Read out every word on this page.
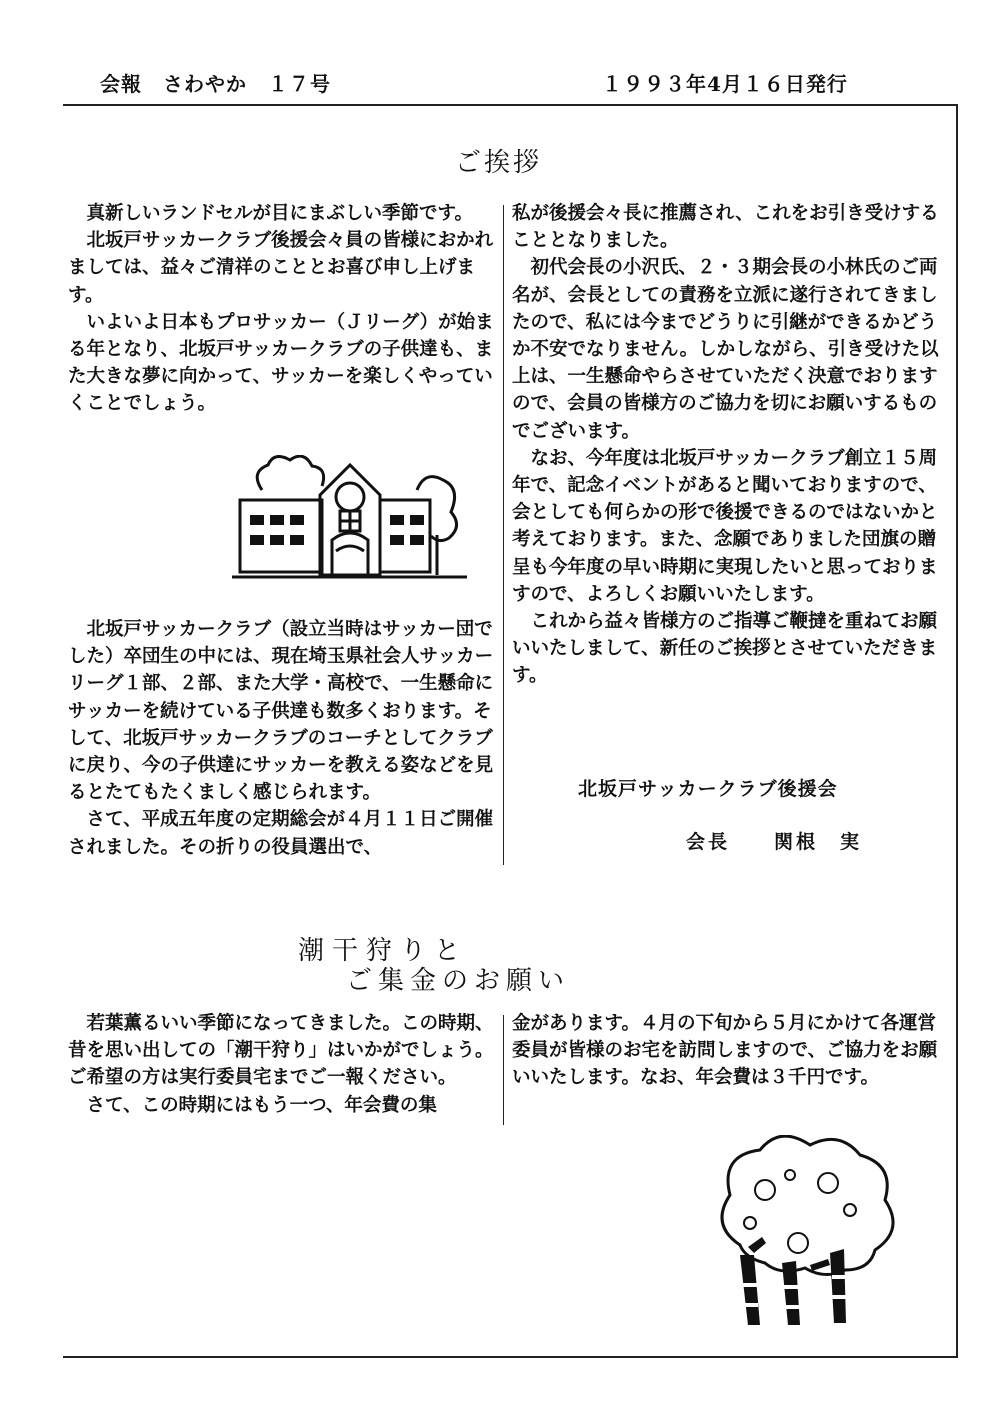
会報　さわやか　１７号	１９９３年4月１６日発行
ご挨拶

　真新しいランドセルが目にまぶしい季節です。

　北坂戸サッカークラブ後援会々員の皆様におかれましては、益々ご清祥のこととお喜び申し上げます。

　いよいよ日本もプロサッカー（Ｊリーグ）が始まる年となり、北坂戸サッカークラブの子供達も、また大きな夢に向かって、サッカーを楽しくやっていくことでしょう。

　北坂戸サッカークラブ（設立当時はサッカー団でした）卒団生の中には、現在埼玉県社会人サッカーリーグ１部、２部、また大学・高校で、一生懸命にサッカーを続けている子供達も数多くおります。そして、北坂戸サッカークラブのコーチとしてクラブに戻り、今の子供達にサッカーを教える姿などを見るとたてもたくましく感じられます。

　さて、平成五年度の定期総会が４月１１日ご開催されました。その折りの役員選出で、

私が後援会々長に推薦され、これをお引き受けすることとなりました。

　初代会長の小沢氏、２・３期会長の小林氏のご両名が、会長としての責務を立派に遂行されてきましたので、私には今までどうりに引継ができるかどうか不安でなりません。しかしながら、引き受けた以上は、一生懸命やらさせていただく決意でおりますので、会員の皆様方のご協力を切にお願いするものでございます。

　なお、今年度は北坂戸サッカークラブ創立１５周年で、記念イベントがあると聞いておりますので、会としても何らかの形で後援できるのではないかと考えております。また、念願でありました団旗の贈呈も今年度の早い時期に実現したいと思っておりますので、よろしくお願いいたします。

　これから益々皆様方のご指導ご鞭撻を重ねてお願いいたしまして、新任のご挨拶とさせていただきます。

北坂戸サッカークラブ後援会
会長　　関根　実
潮干狩りと
ご集金のお願い

　若葉薫るいい季節になってきました。この時期、昔を思い出しての「潮干狩り」はいかがでしょう。ご希望の方は実行委員宅までご一報ください。

　さて、この時期にはもう一つ、年会費の集

金があります。４月の下旬から５月にかけて各運営委員が皆様のお宅を訪問しますので、ご協力をお願いいたします。なお、年会費は３千円です。
